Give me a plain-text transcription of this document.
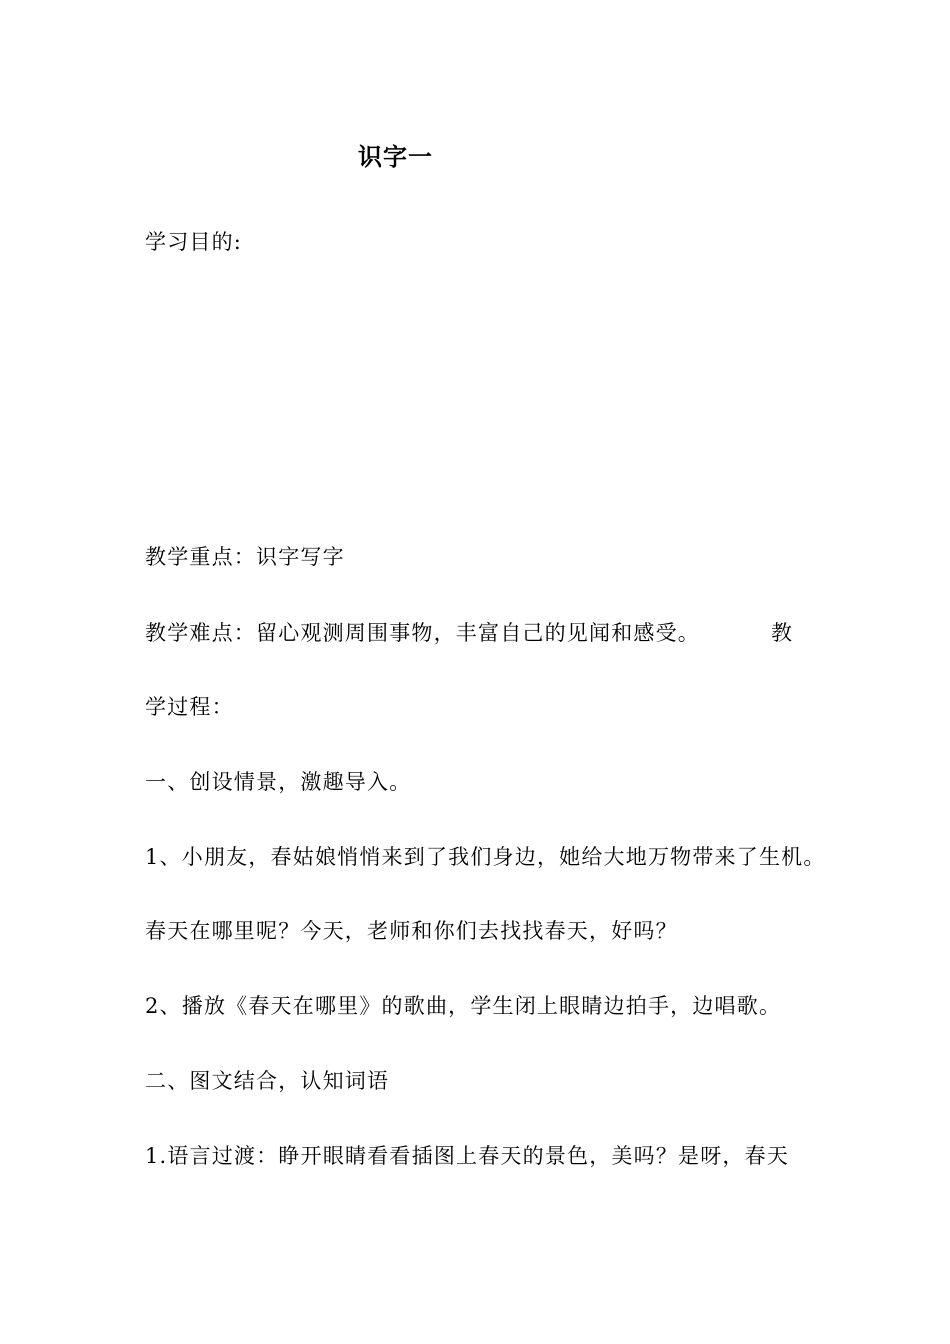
识字一
学习目的:
教学重点：识字写字
教学难点：留心观测周围事物，丰富自己的见闻和感受。	教
学过程：
一、创设情景，激趣导入。
1、小朋友，春姑娘悄悄来到了我们身边，她给大地万物带来了生机。
春天在哪里呢？今天，老师和你们去找找春天，好吗？
2、播放《春天在哪里》的歌曲，学生闭上眼睛边拍手，边唱歌。
二、图文结合，认知词语
1.语言过渡：睁开眼睛看看插图上春天的景色，美吗？是呀，春天
